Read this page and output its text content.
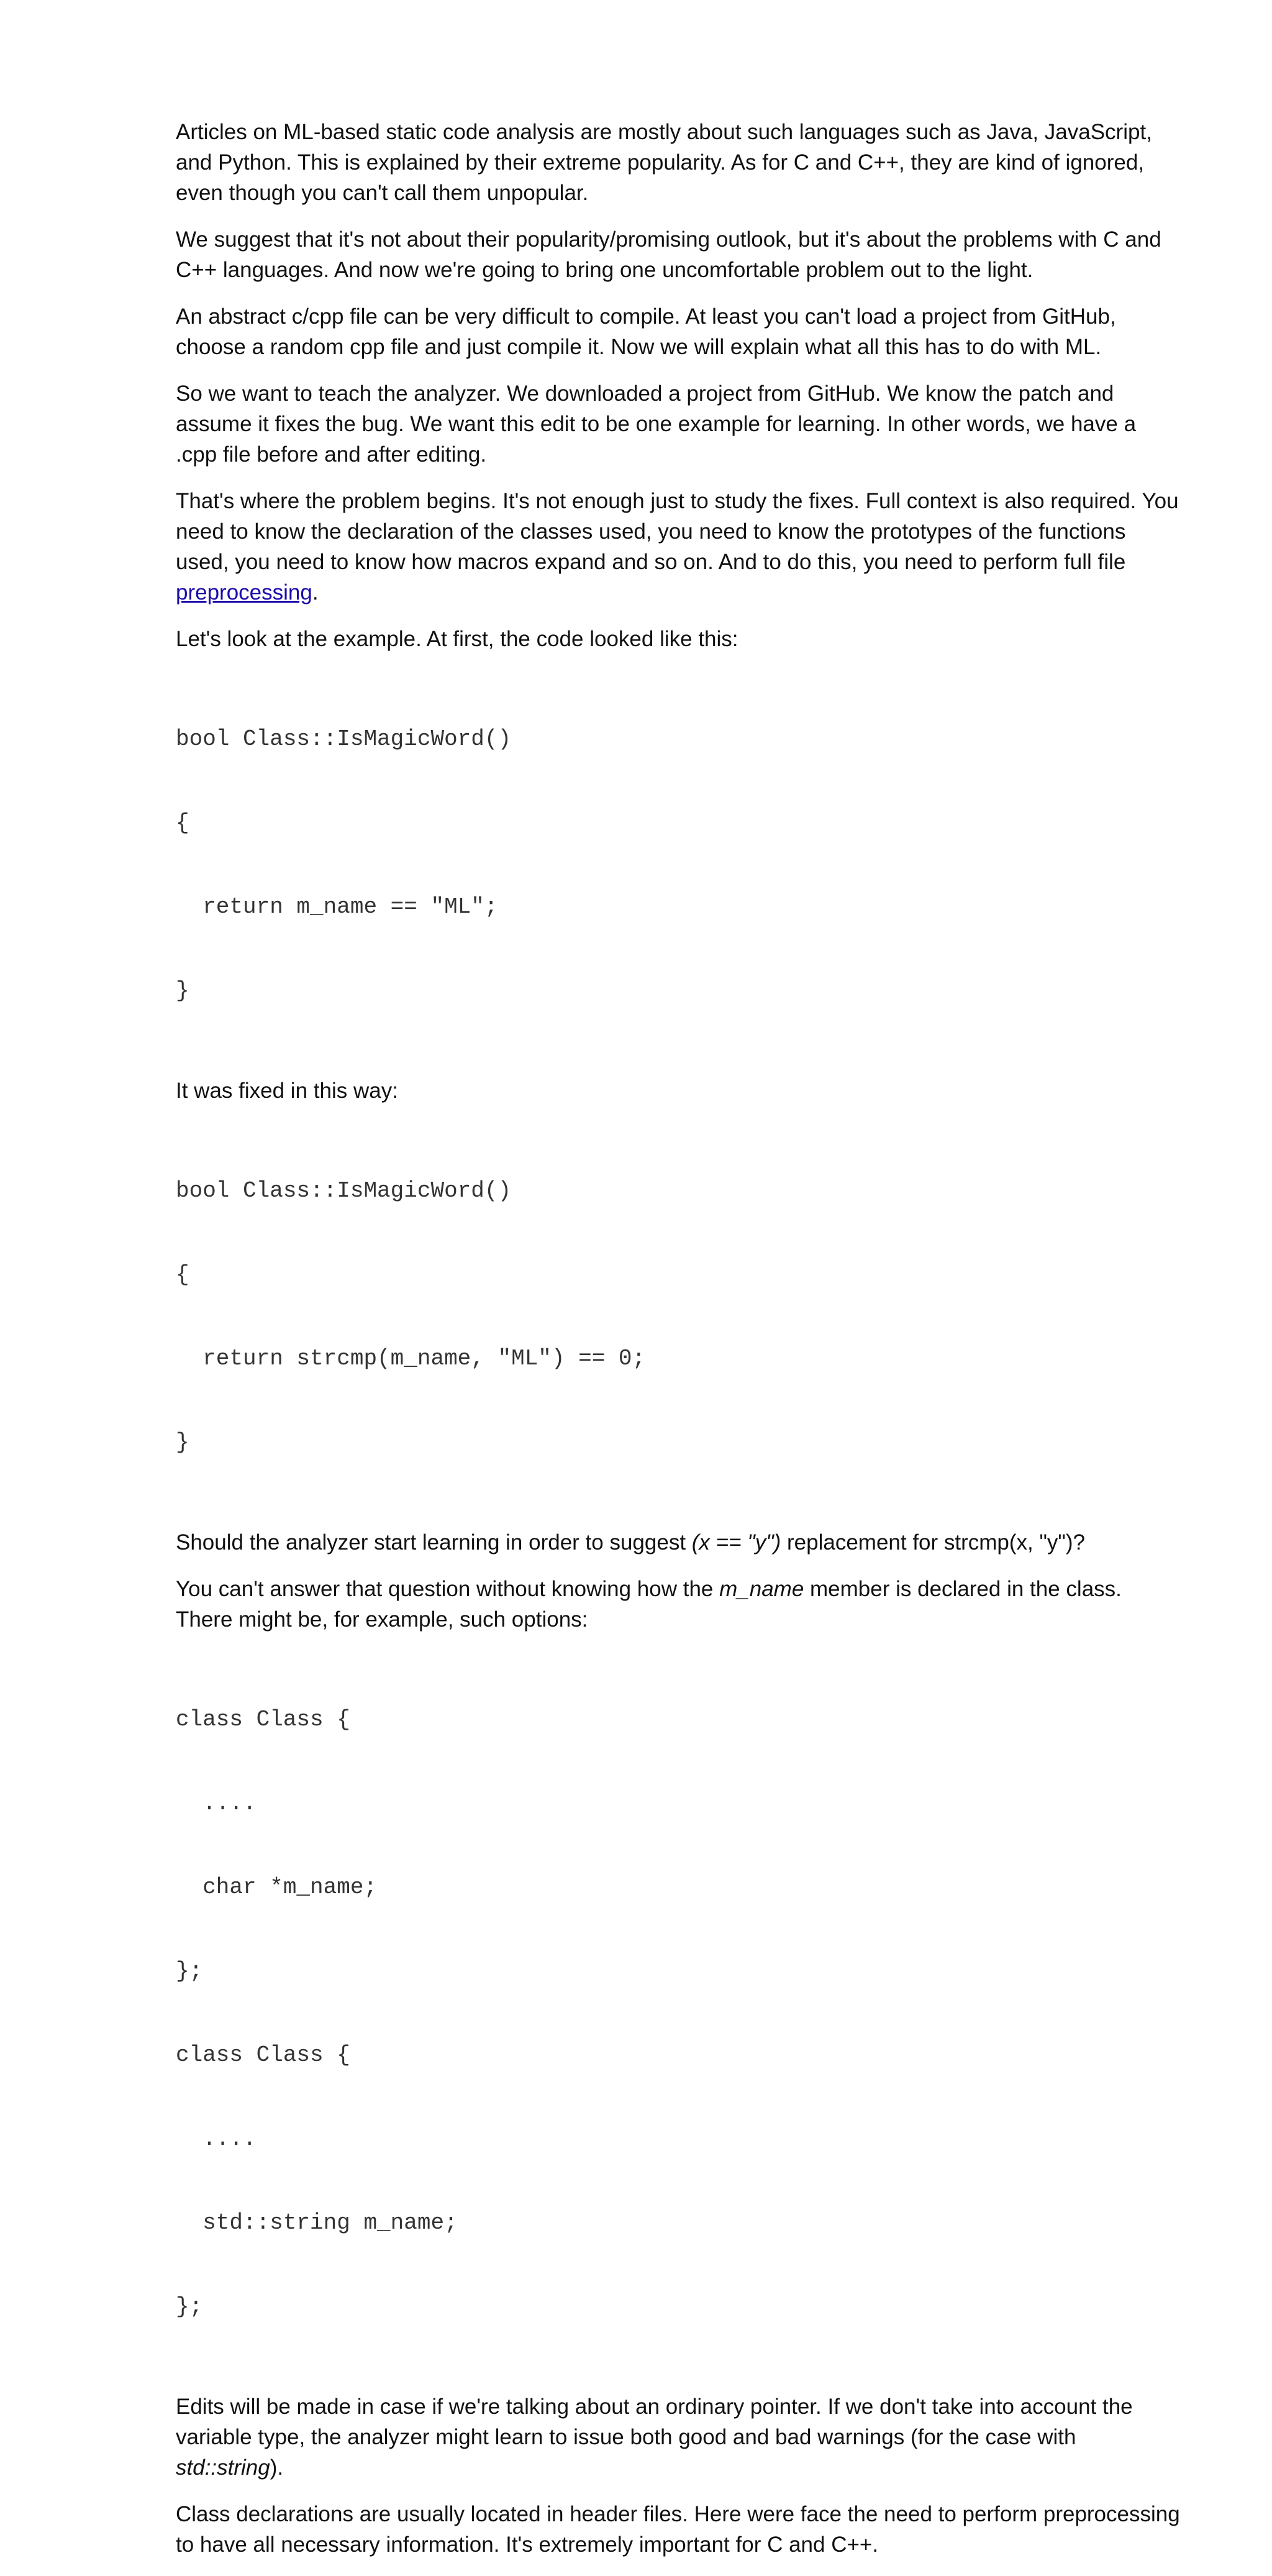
Articles on ML-based static code analysis are mostly about such languages such as Java, JavaScript, and Python. This is explained by their extreme popularity. As for C and C++, they are kind of ignored, even though you can't call them unpopular.

We suggest that it's not about their popularity/promising outlook, but it's about the problems with C and C++ languages. And now we're going to bring one uncomfortable problem out to the light.

An abstract c/cpp file can be very difficult to compile. At least you can't load a project from GitHub, choose a random cpp file and just compile it. Now we will explain what all this has to do with ML.

So we want to teach the analyzer. We downloaded a project from GitHub. We know the patch and assume it fixes the bug. We want this edit to be one example for learning. In other words, we have a .cpp file before and after editing.

That's where the problem begins. It's not enough just to study the fixes. Full context is also required. You need to know the declaration of the classes used, you need to know the prototypes of the functions used, you need to know how macros expand and so on. And to do this, you need to perform full file preprocessing.

Let's look at the example. At first, the code looked like this:

bool Class::IsMagicWord()

{

return m_name == "ML";

}

It was fixed in this way:

bool Class::IsMagicWord()

{

return strcmp(m_name, "ML") == 0;

}

Should the analyzer start learning in order to suggest (x == "y") replacement for strcmp(x, "y")?

You can't answer that question without knowing how the m_name member is declared in the class. There might be, for example, such options:

class Class {

....

char *m_name;

};

class Class {

....

std::string m_name;

};

Edits will be made in case if we're talking about an ordinary pointer. If we don't take into account the variable type, the analyzer might learn to issue both good and bad warnings (for the case with std::string).

Class declarations are usually located in header files. Here were face the need to perform preprocessing to have all necessary information. It's extremely important for C and C++.
